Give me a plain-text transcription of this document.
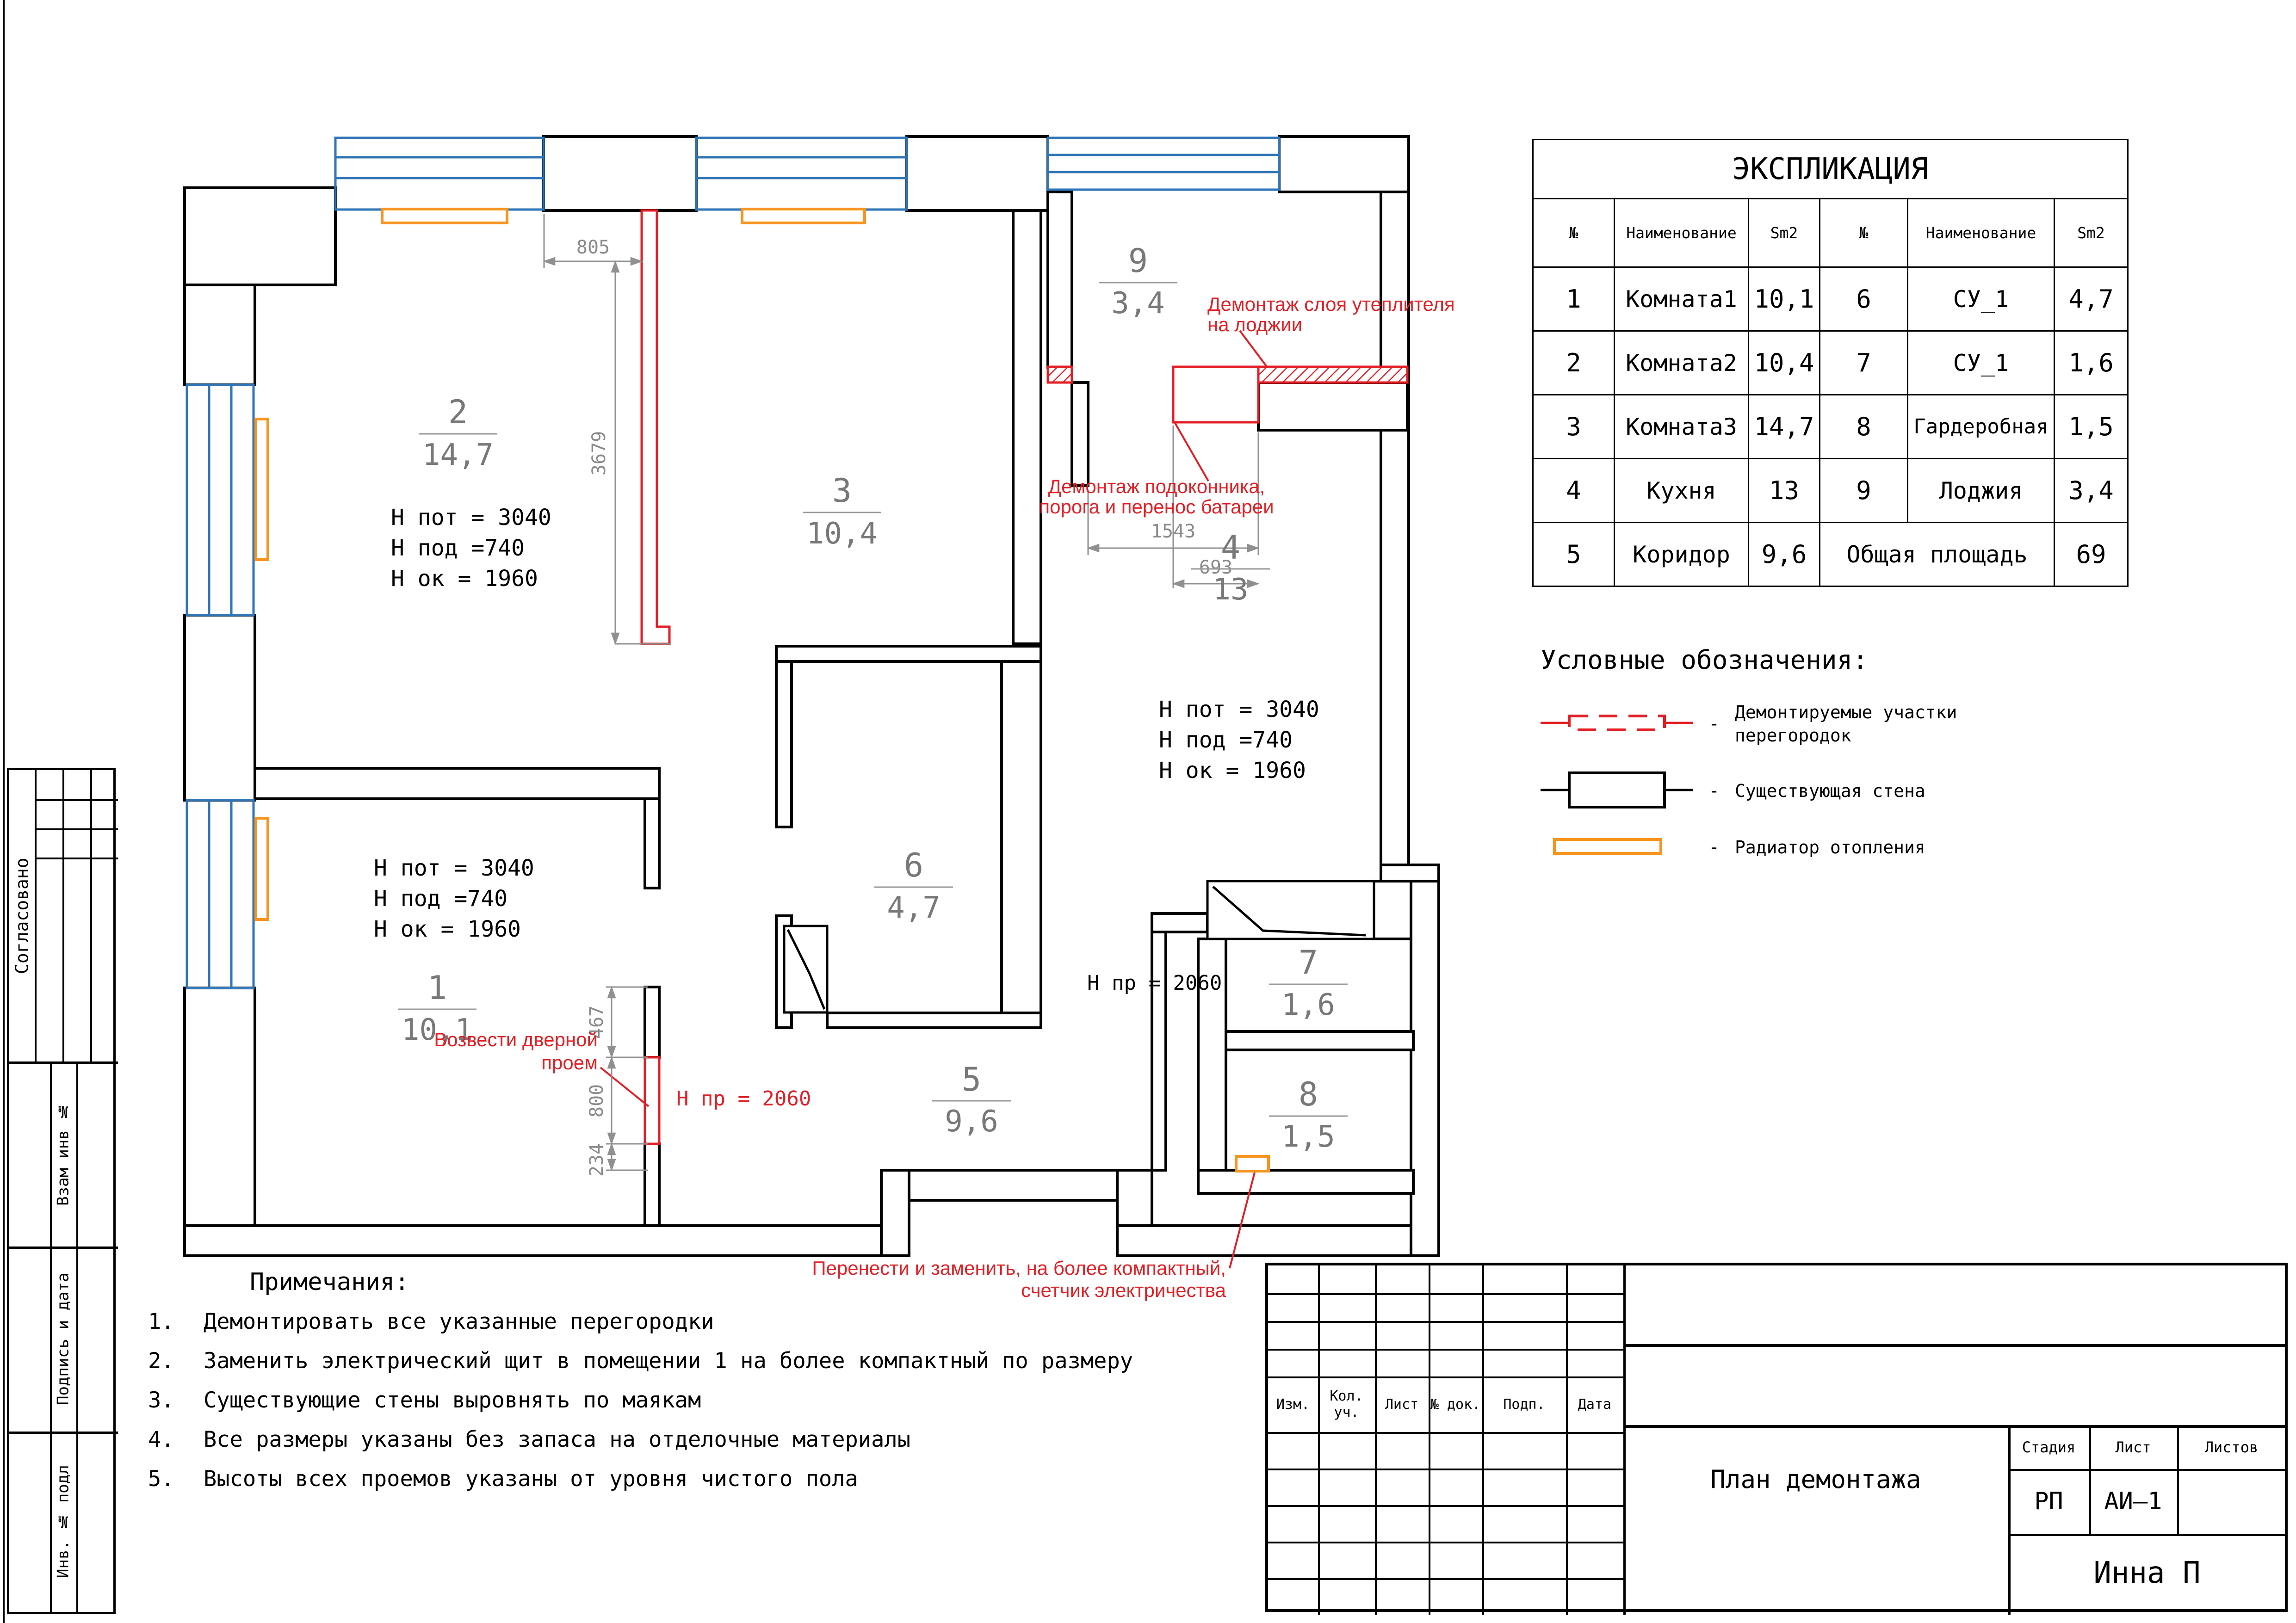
805
3679
467
800
234
1543
693
1
10,1
2
14,7
3
10,4	4
13
5
9,6
6
4,7
7
1,6
8
1,5
9
3,4
Н пот = 3040
Н под =740
Н ок = 1960
Н пот = 3040
Н под =740
Н ок = 1960
Н пот = 3040
Н под =740
Н ок = 1960
Н пр = 2060
Н пр = 2060
Демонтаж слоя утеплителя
на лоджии
Демонтаж подоконника,
порога и перенос батареи
Возвести дверной
проем
Перенести и заменить, на более компактный,
счетчик электричества
ЭКСПЛИКАЦИЯ					
№	Наименование	Sm2	№	Наименование	Sm2
1	Комната1	10,1	6	СУ_1	4,7
2	Комната2	10,4	7	СУ_1	1,6
3	Комната3	14,7	8	Гардеробная	1,5
4	Кухня	13	9	Лоджия	3,4
5	Коридор	9,6	Общая площадь		69
Условные обозначения:
-
Демонтируемые участки
перегородок
- Существующая стена
- Радиатор отопления
Примечания:
1.	Демонтировать все указанные перегородки
2.	Заменить электрический щит в помещении 1 на более компактный по размеру
3.	Существующие стены выровнять по маякам
4.	Все размеры указаны без запаса на отделочные материалы
5.	Высоты всех проемов указаны от уровня чистого пола
Изм.	Кол. уч.	Лист № док.	Подп.	Дата
План демонтажа
Стадия	Лист	Листов
РП	АИ–1
Инна П
Согласовано
Взам инв №
Подпись и дата
Инв. № подл
